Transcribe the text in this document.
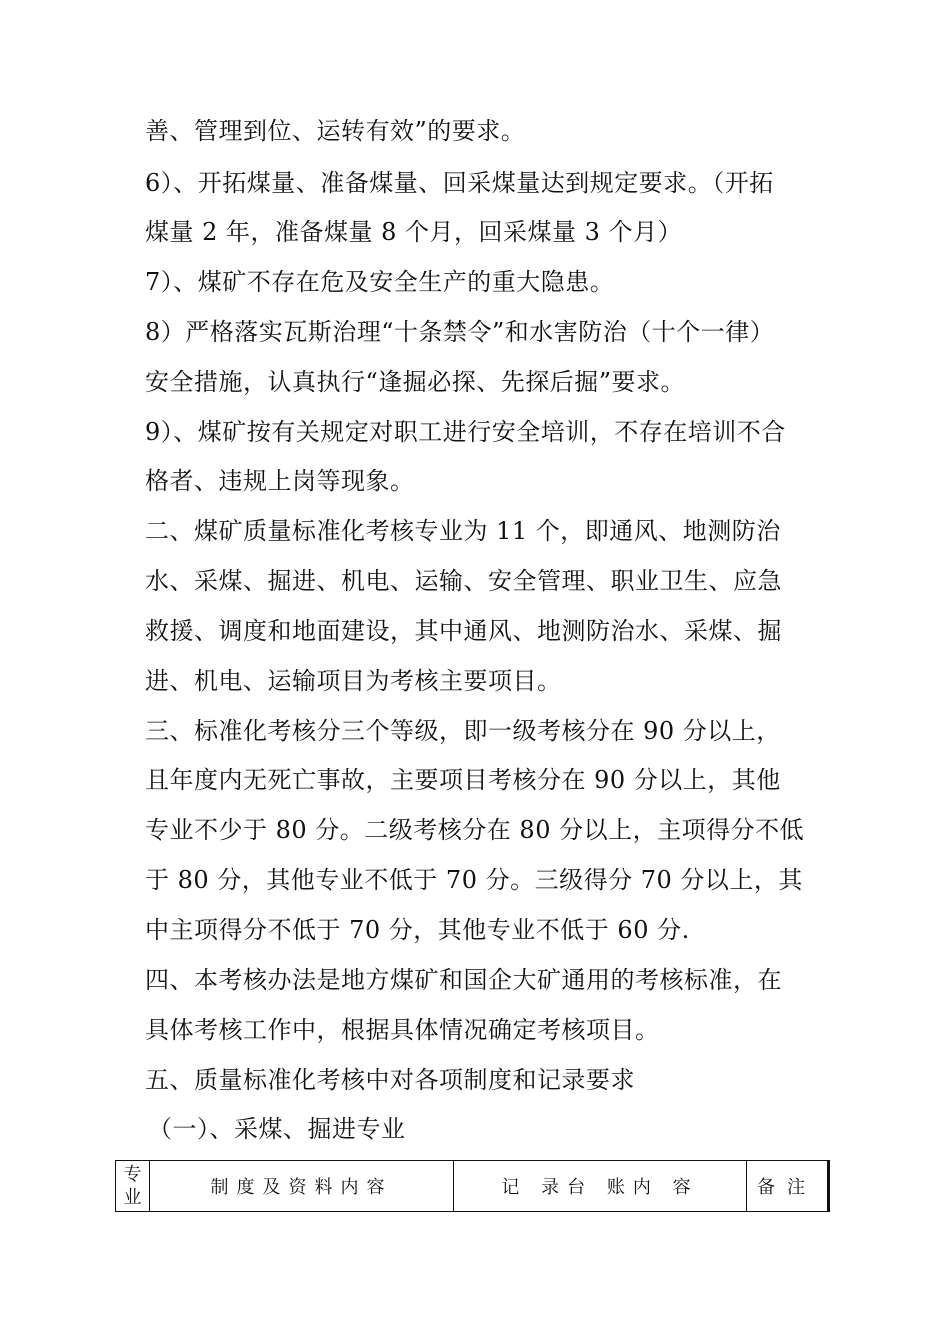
善、管理到位、运转有效”的要求。
6）、开拓煤量、准备煤量、回采煤量达到规定要求。（开拓
煤量 2 年，准备煤量 8 个月，回采煤量 3 个月）
7）、煤矿不存在危及安全生产的重大隐患。
8）严格落实瓦斯治理“十条禁令”和水害防治（十个一律）
安全措施，认真执行“逢掘必探、先探后掘”要求。
9）、煤矿按有关规定对职工进行安全培训，不存在培训不合
格者、违规上岗等现象。
二、煤矿质量标准化考核专业为 11 个，即通风、地测防治
水、采煤、掘进、机电、运输、安全管理、职业卫生、应急
救援、调度和地面建设，其中通风、地测防治水、采煤、掘
进、机电、运输项目为考核主要项目。
三、标准化考核分三个等级，即一级考核分在 90 分以上，
且年度内无死亡事故，主要项目考核分在 90 分以上，其他
专业不少于 80 分。二级考核分在 80 分以上，主项得分不低
于 80 分，其他专业不低于 70 分。三级得分 70 分以上，其
中主项得分不低于 70 分，其他专业不低于 60 分.
四、本考核办法是地方煤矿和国企大矿通用的考核标准，在
具体考核工作中，根据具体情况确定考核项目。
五、质量标准化考核中对各项制度和记录要求
（一）、采煤、掘进专业
专
业	制度及资料内容	记 录台 账内 容	备注
